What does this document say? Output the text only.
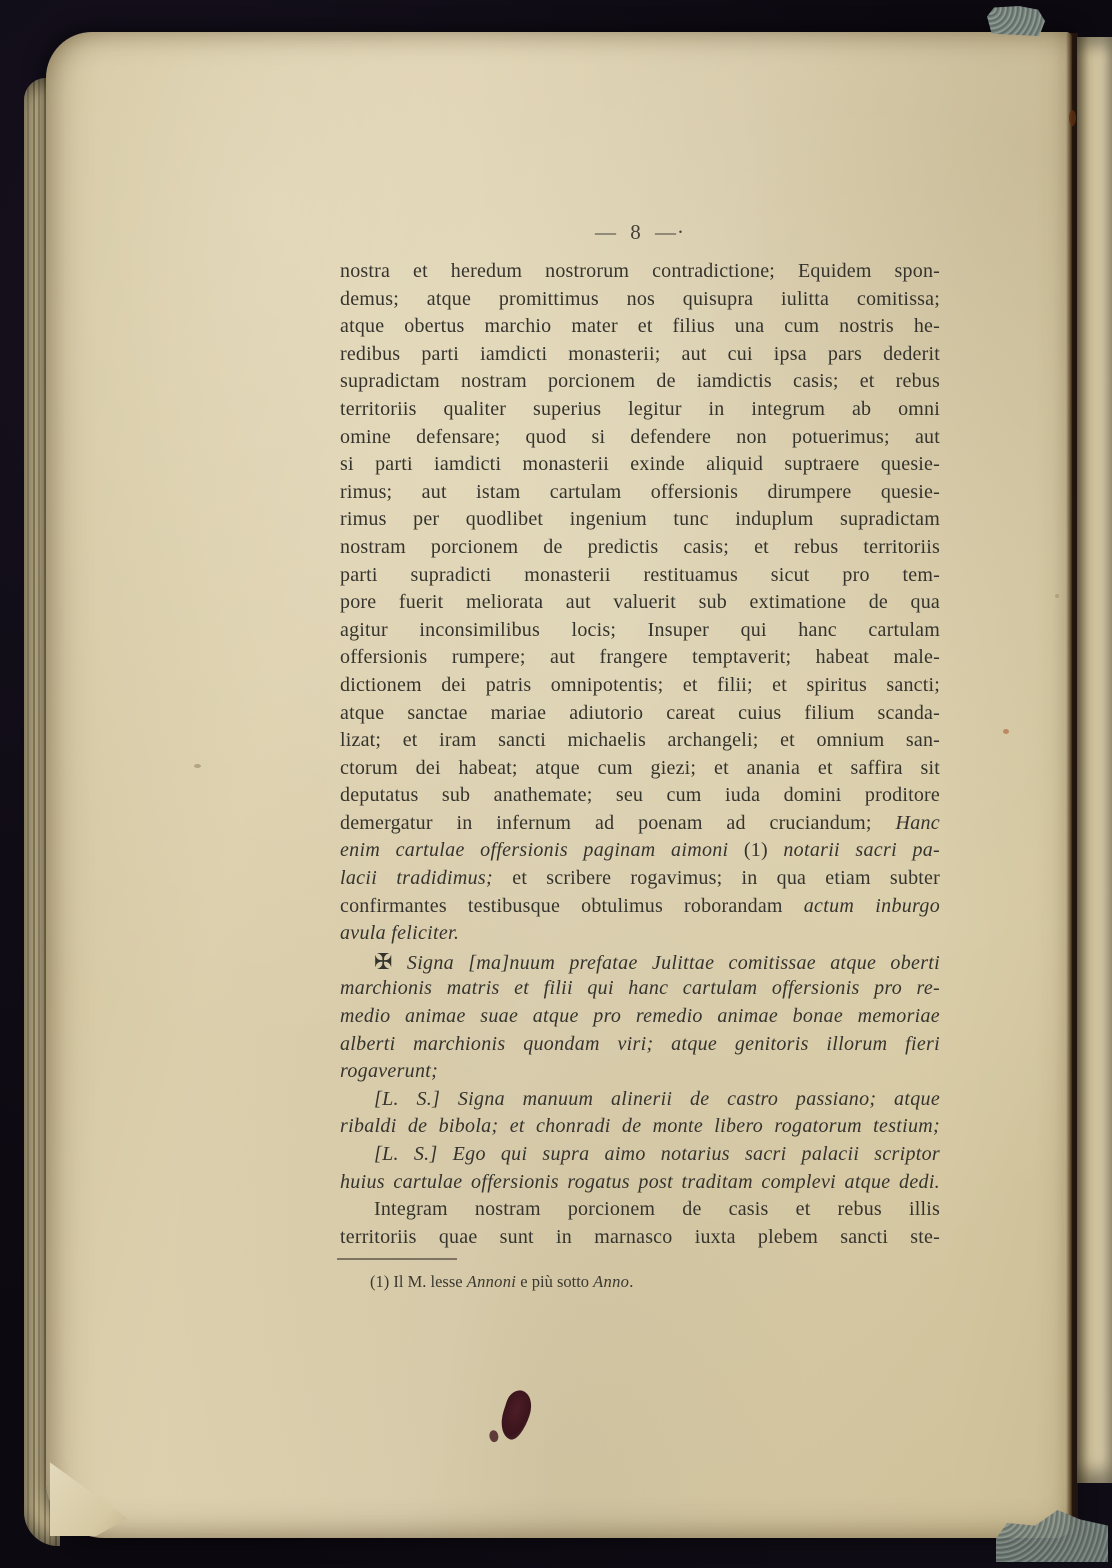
— 8 —·
nostra et heredum nostrorum contradictione; Equidem spon-
demus; atque promittimus nos quisupra iulitta comitissa;
atque obertus marchio mater et filius una cum nostris he-
redibus parti iamdicti monasterii; aut cui ipsa pars dederit
supradictam nostram porcionem de iamdictis casis; et rebus
territoriis qualiter superius legitur in integrum ab omni
omine defensare; quod si defendere non potuerimus; aut
si parti iamdicti monasterii exinde aliquid suptraere quesie-
rimus; aut istam cartulam offersionis dirumpere quesie-
rimus per quodlibet ingenium tunc induplum supradictam
nostram porcionem de predictis casis; et rebus territoriis
parti supradicti monasterii restituamus sicut pro tem-
pore fuerit meliorata aut valuerit sub extimatione de qua
agitur inconsimilibus locis; Insuper qui hanc cartulam
offersionis rumpere; aut frangere temptaverit; habeat male-
dictionem dei patris omnipotentis; et filii; et spiritus sancti;
atque sanctae mariae adiutorio careat cuius filium scanda-
lizat; et iram sancti michaelis archangeli; et omnium san-
ctorum dei habeat; atque cum giezi; et anania et saffira sit
deputatus sub anathemate; seu cum iuda domini proditore
demergatur in infernum ad poenam ad cruciandum; Hanc
enim cartulae offersionis paginam aimoni (1) notarii sacri pa-
lacii tradidimus; et scribere rogavimus; in qua etiam subter
confirmantes testibusque obtulimus roborandam actum inburgo
avula feliciter.
✠ Signa [ma]nuum prefatae Julittae comitissae atque oberti
marchionis matris et filii qui hanc cartulam offersionis pro re-
medio animae suae atque pro remedio animae bonae memoriae
alberti marchionis quondam viri; atque genitoris illorum fieri
rogaverunt;
[L. S.] Signa manuum alinerii de castro passiano; atque
ribaldi de bibola; et chonradi de monte libero rogatorum testium;
[L. S.] Ego qui supra aimo notarius sacri palacii scriptor
huius cartulae offersionis rogatus post traditam complevi atque dedi.
Integram nostram porcionem de casis et rebus illis
territoriis quae sunt in marnasco iuxta plebem sancti ste-
(1) Il M. lesse Annoni e più sotto Anno.
